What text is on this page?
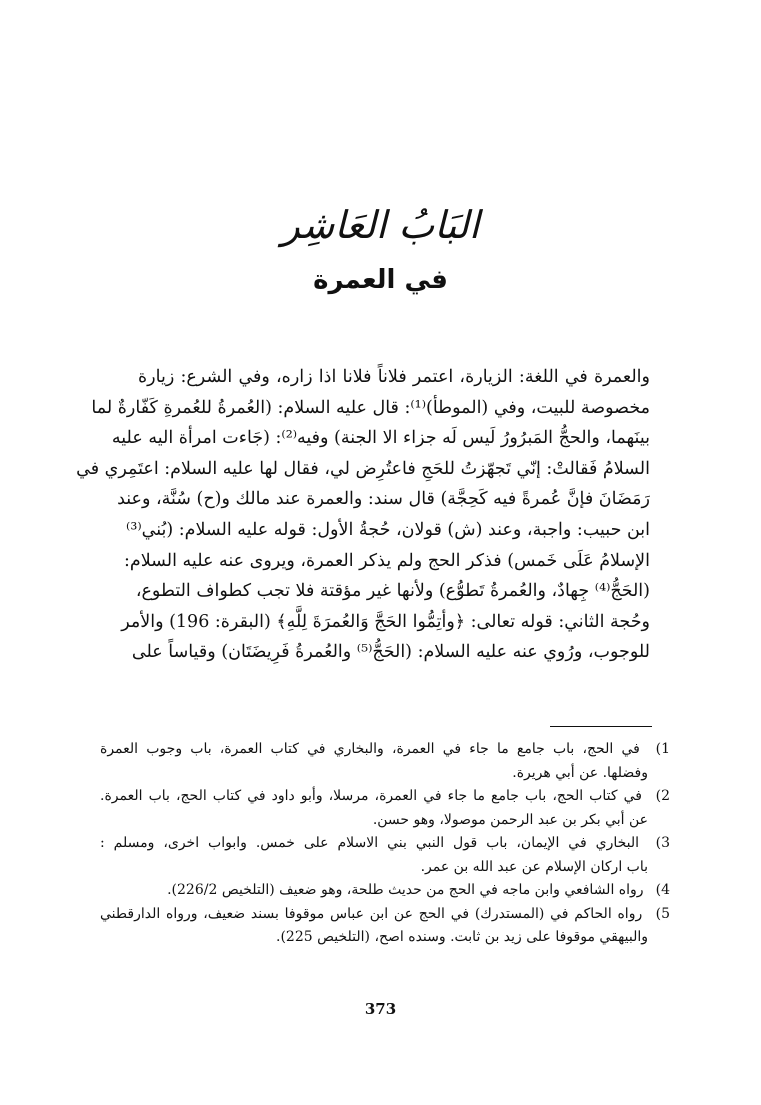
البَابُ العَاشِر
في العمرة
والعمرة في اللغة: الزيارة، اعتمر فلاناً فلانا اذا زاره، وفي الشرع: زيارة
مخصوصة للبيت، وفي (الموطأ)⁽¹⁾: قال عليه السلام: (العُمرةُ للعُمرةِ كَفّارةٌ لما
بينَهما، والحجُّ المَبرُورُ لَيس لَه جزاء الا الجنة) وفيه⁽²⁾: (جَاءت امرأة اليه عليه
السلامُ فَقالتْ: إنّي تَجهّزتُ للحَجِ فاعتُرِض لي، فقال لها عليه السلام: اعتَمِري في
رَمَضَانَ فإنَّ عُمرةً فيه كَحِجَّة) قال سند: والعمرة عند مالك و(ح) سُنَّة، وعند
ابن حبيب: واجبة، وعند (ش) قولان، حُجةُ الأول: قوله عليه السلام: (بُني⁽³⁾
الإسلامُ عَلَى خَمس) فذكر الحج ولم يذكر العمرة، ويروى عنه عليه السلام:
(الحَجُّ⁽⁴⁾ جِهادٌ، والعُمرةُ تَطوُّع) ولأنها غير مؤقتة فلا تجب كطواف التطوع،
وحُجة الثاني: قوله تعالى: ﴿وأتِمُّوا الحَجَّ وَالعُمرَةَ لِلَّهِ﴾ (البقرة: 196) والأمر
للوجوب، ورُوي عنه عليه السلام: (الحَجُّ⁽⁵⁾ والعُمرةُ فَرِيضَتَان) وقياساً على
1) في الحج، باب جامع ما جاء في العمرة، والبخاري في كتاب العمرة، باب وجوب العمرة
وفضلها. عن أبي هريرة.
2) في كتاب الحج، باب جامع ما جاء في العمرة، مرسلا، وأبو داود في كتاب الحج، باب العمرة.
عن أبي بكر بن عبد الرحمن موصولا، وهو حسن.
3) البخاري في الإيمان، باب قول النبي بني الاسلام على خمس. وابواب اخرى، ومسلم :
باب اركان الإسلام عن عبد الله بن عمر.
4) رواه الشافعي وابن ماجه في الحج من حديث طلحة، وهو ضعيف (التلخيص 226/2).
5) رواه الحاكم في (المستدرك) في الحج عن ابن عباس موقوفا بسند ضعيف، ورواه الدارقطني
والبيهقي موقوفا على زيد بن ثابت. وسنده اصح، (التلخيص 225).
373
